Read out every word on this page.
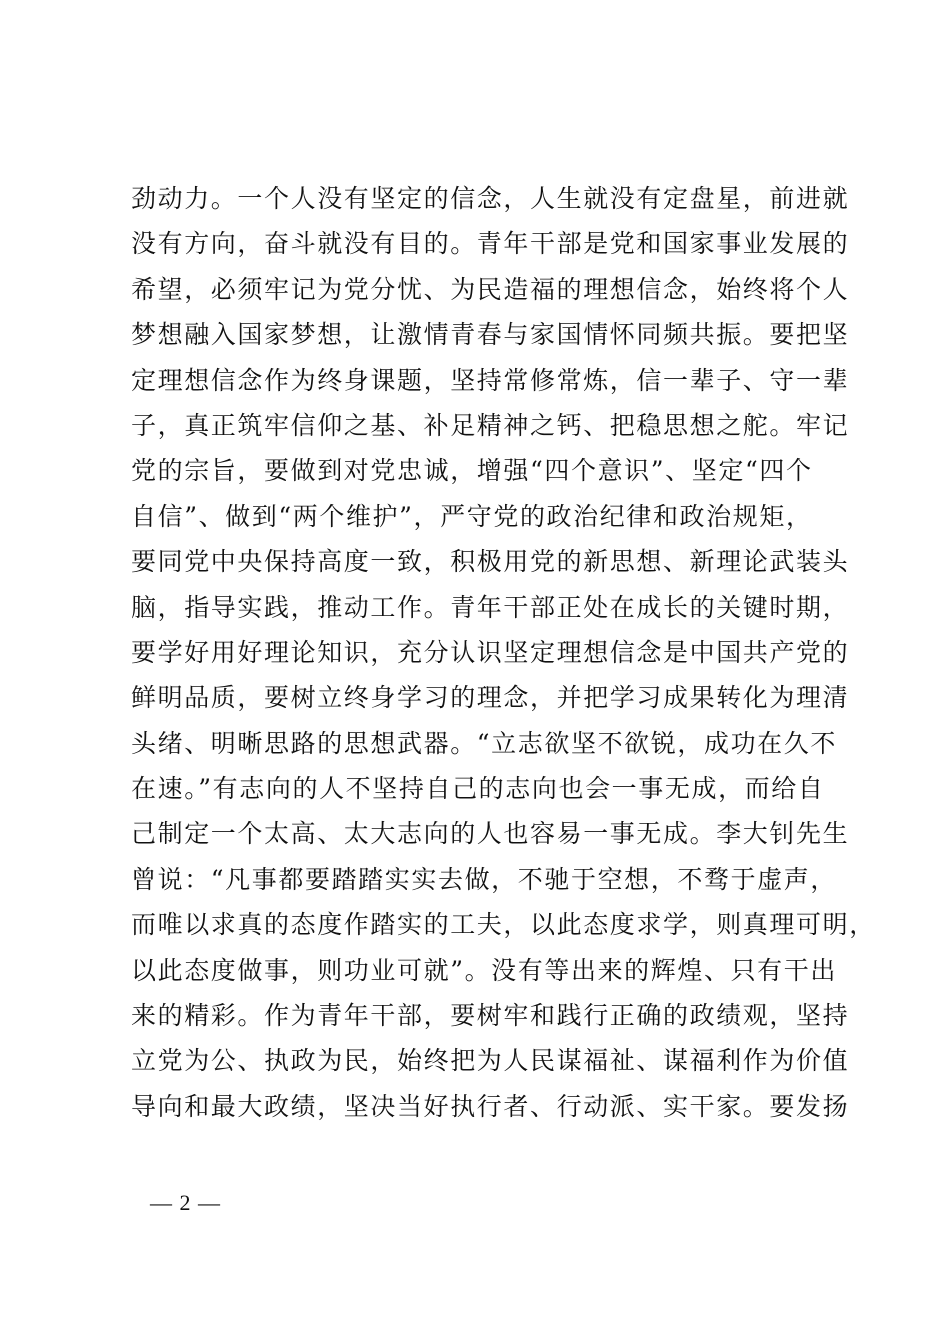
劲动力。一个人没有坚定的信念，人生就没有定盘星，前进就
没有方向，奋斗就没有目的。青年干部是党和国家事业发展的
希望，必须牢记为党分忧、为民造福的理想信念，始终将个人
梦想融入国家梦想，让激情青春与家国情怀同频共振。要把坚
定理想信念作为终身课题，坚持常修常炼，信一辈子、守一辈
子，真正筑牢信仰之基、补足精神之钙、把稳思想之舵。牢记
党的宗旨，要做到对党忠诚，增强“四个意识”、坚定“四个
自信”、做到“两个维护”，严守党的政治纪律和政治规矩，
要同党中央保持高度一致，积极用党的新思想、新理论武装头
脑，指导实践，推动工作。青年干部正处在成长的关键时期，
要学好用好理论知识，充分认识坚定理想信念是中国共产党的
鲜明品质，要树立终身学习的理念，并把学习成果转化为理清
头绪、明晰思路的思想武器。“立志欲坚不欲锐，成功在久不
在速。”有志向的人不坚持自己的志向也会一事无成，而给自
己制定一个太高、太大志向的人也容易一事无成。李大钊先生
曾说：“凡事都要踏踏实实去做，不驰于空想，不骛于虚声，
而唯以求真的态度作踏实的工夫，以此态度求学，则真理可明，
以此态度做事，则功业可就”。没有等出来的辉煌、只有干出
来的精彩。作为青年干部，要树牢和践行正确的政绩观，坚持
立党为公、执政为民，始终把为人民谋福祉、谋福利作为价值
导向和最大政绩，坚决当好执行者、行动派、实干家。要发扬
— 2 —
